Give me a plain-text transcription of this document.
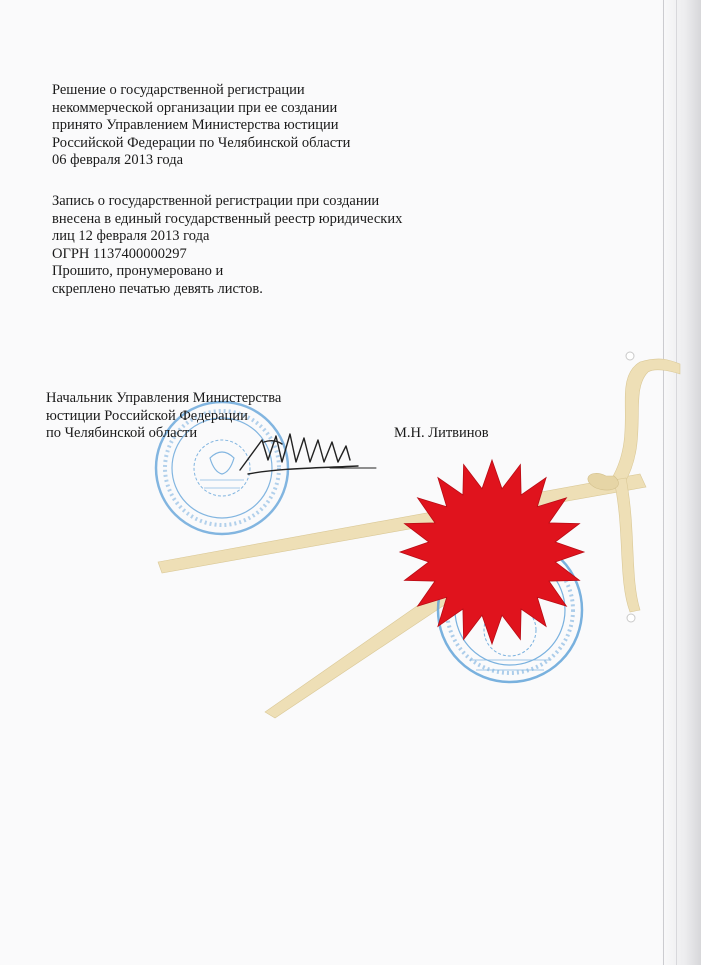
Решение о государственной регистрации
некоммерческой организации при ее создании
принято Управлением Министерства юстиции
Российской Федерации по Челябинской области
06 февраля 2013 года
Запись о государственной регистрации при создании
внесена в единый государственный реестр юридических
лиц 12 февраля 2013 года
ОГРН 1137400000297
Прошито, пронумеровано и
скреплено печатью девять листов.
Начальник Управления Министерства
юстиции Российской Федерации
по Челябинской области	М.Н. Литвинов
